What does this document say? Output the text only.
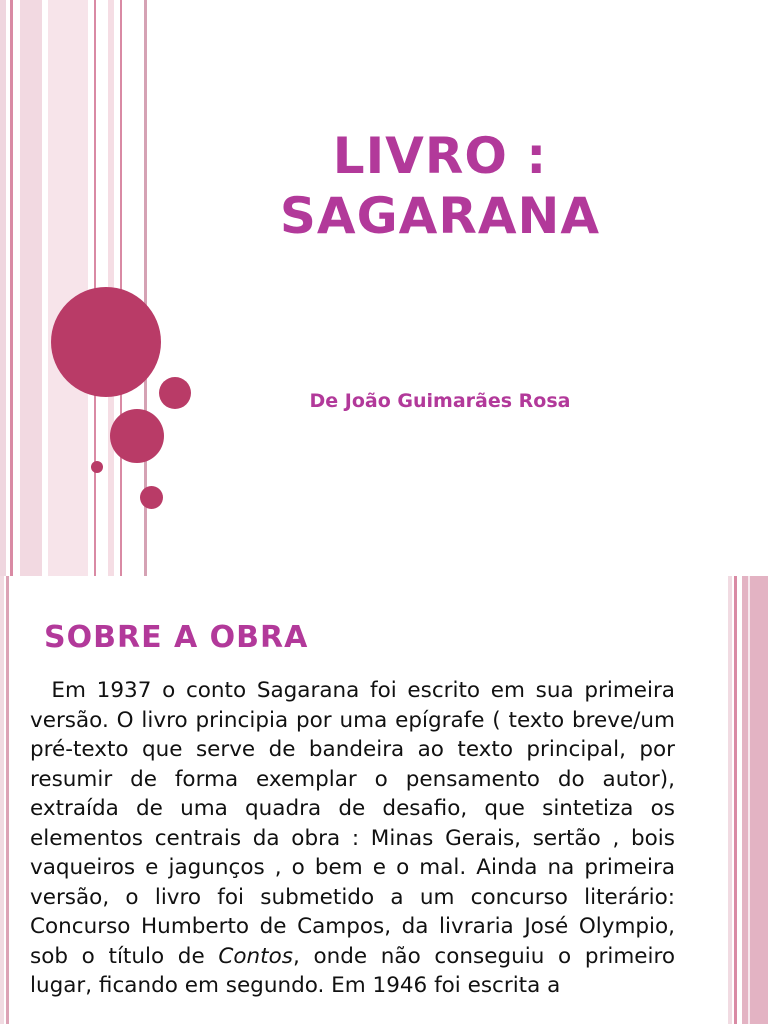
LIVRO :
SAGARANA
De João Guimarães Rosa
SOBRE A OBRA
Em 1937 o conto Sagarana foi escrito em sua primeira versão. O livro principia por uma epígrafe ( texto breve/um pré-texto que serve de bandeira ao texto principal, por resumir de forma exemplar o pensamento do autor), extraída de uma quadra de desafio, que sintetiza os elementos centrais da obra : Minas Gerais, sertão , bois vaqueiros e jagunços , o bem e o mal. Ainda na primeira versão, o livro foi submetido a um concurso literário: Concurso Humberto de Campos, da livraria José Olympio, sob o título de Contos, onde não conseguiu o primeiro lugar, ficando em segundo. Em 1946 foi escrita a
